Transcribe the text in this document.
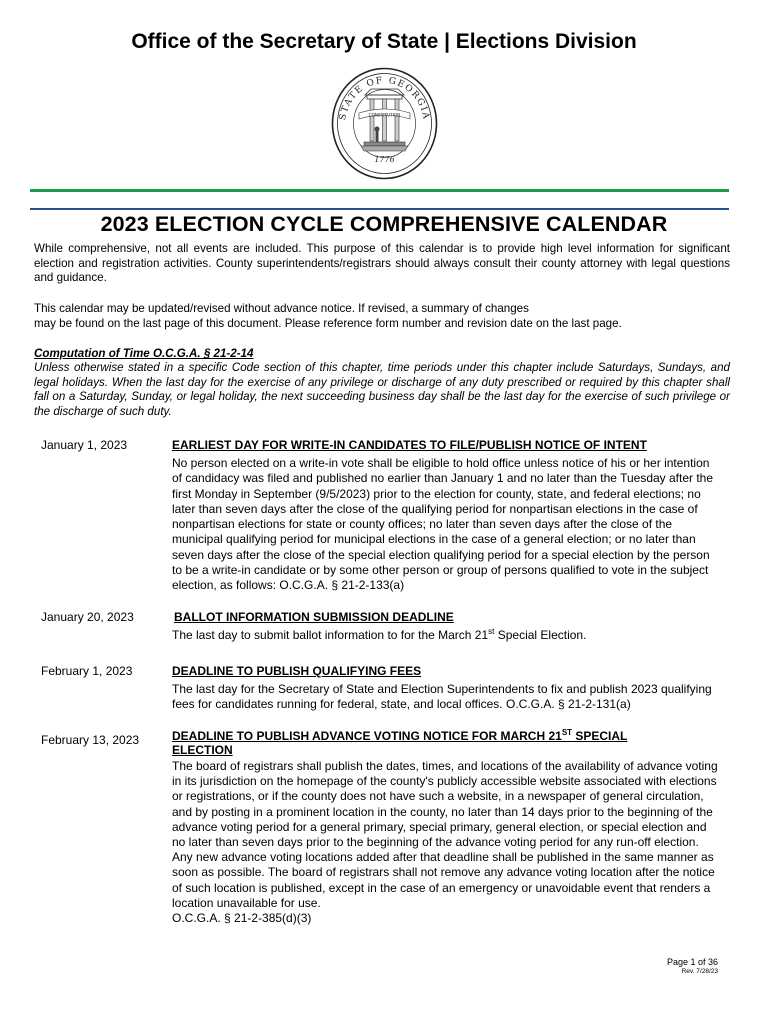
Office of the Secretary of State | Elections Division
STATE OF GEORGIA
CONSTITUTION
1776
2023 ELECTION CYCLE COMPREHENSIVE CALENDAR
While comprehensive, not all events are included. This purpose of this calendar is to provide high level information for significant election and registration activities. County superintendents/registrars should always consult their county attorney with legal questions and guidance.
This calendar may be updated/revised without advance notice. If revised, a summary of changes
may be found on the last page of this document. Please reference form number and revision date on the last page.
Computation of Time O.C.G.A. § 21-2-14
Unless otherwise stated in a specific Code section of this chapter, time periods under this chapter include Saturdays, Sundays, and legal holidays. When the last day for the exercise of any privilege or discharge of any duty prescribed or required by this chapter shall fall on a Saturday, Sunday, or legal holiday, the next succeeding business day shall be the last day for the exercise of such privilege or the discharge of such duty.
January 1, 2023	EARLIEST DAY FOR WRITE-IN CANDIDATES TO FILE/PUBLISH NOTICE OF INTENT
No person elected on a write-in vote shall be eligible to hold office unless notice of his or her intention of candidacy was filed and published no earlier than January 1 and no later than the Tuesday after the first Monday in September (9/5/2023) prior to the election for county, state, and federal elections; no later than seven days after the close of the qualifying period for nonpartisan elections in the case of nonpartisan elections for state or county offices; no later than seven days after the close of the municipal qualifying period for municipal elections in the case of a general election; or no later than seven days after the close of the special election qualifying period for a special election by the person to be a write-in candidate or by some other person or group of persons qualified to vote in the subject election, as follows: O.C.G.A. § 21-2-133(a)
January 20, 2023	BALLOT INFORMATION SUBMISSION DEADLINE
The last day to submit ballot information to for the March 21st Special Election.
February 1, 2023	DEADLINE TO PUBLISH QUALIFYING FEES
The last day for the Secretary of State and Election Superintendents to fix and publish 2023 qualifying fees for candidates running for federal, state, and local offices. O.C.G.A. § 21-2-131(a)
February 13, 2023	DEADLINE TO PUBLISH ADVANCE VOTING NOTICE FOR MARCH 21ST SPECIAL ELECTION
The board of registrars shall publish the dates, times, and locations of the availability of advance voting in its jurisdiction on the homepage of the county's publicly accessible website associated with elections or registrations, or if the county does not have such a website, in a newspaper of general circulation, and by posting in a prominent location in the county, no later than 14 days prior to the beginning of the advance voting period for a general primary, special primary, general election, or special election and no later than seven days prior to the beginning of the advance voting period for any run-off election. Any new advance voting locations added after that deadline shall be published in the same manner as soon as possible. The board of registrars shall not remove any advance voting location after the notice of such location is published, except in the case of an emergency or unavoidable event that renders a location unavailable for use.
O.C.G.A. § 21-2-385(d)(3)
Page 1 of 36
Rev. 7/28/23
